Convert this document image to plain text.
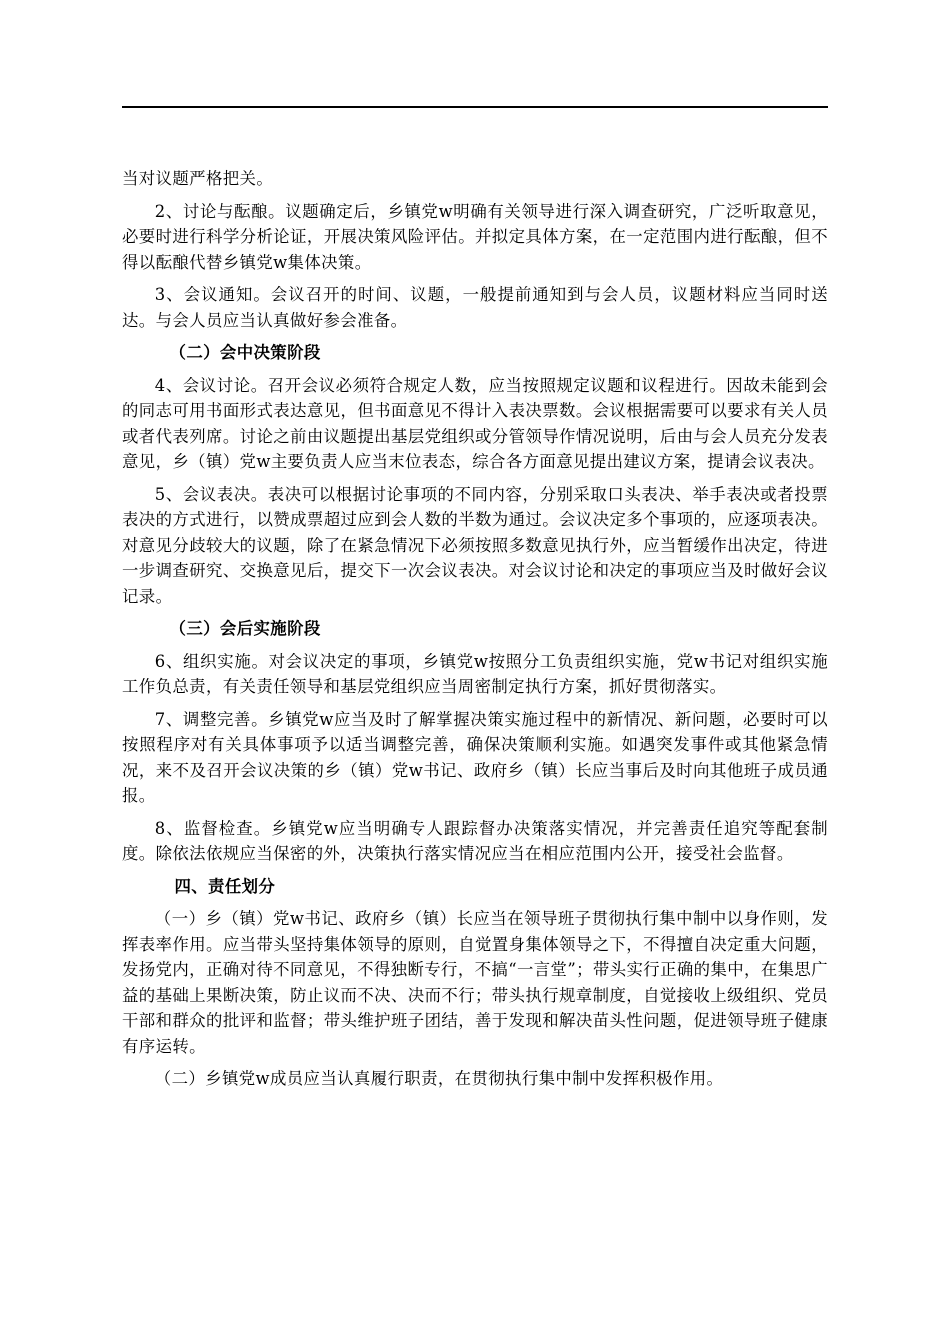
当对议题严格把关。

2、讨论与酝酿。议题确定后，乡镇党w明确有关领导进行深入调查研究，广泛听取意见，必要时进行科学分析论证，开展决策风险评估。并拟定具体方案，在一定范围内进行酝酿，但不得以酝酿代替乡镇党w集体决策。

3、会议通知。会议召开的时间、议题，一般提前通知到与会人员，议题材料应当同时送达。与会人员应当认真做好参会准备。

（二）会中决策阶段

4、会议讨论。召开会议必须符合规定人数，应当按照规定议题和议程进行。因故未能到会的同志可用书面形式表达意见，但书面意见不得计入表决票数。会议根据需要可以要求有关人员或者代表列席。讨论之前由议题提出基层党组织或分管领导作情况说明，后由与会人员充分发表意见，乡（镇）党w主要负责人应当末位表态，综合各方面意见提出建议方案，提请会议表决。

5、会议表决。表决可以根据讨论事项的不同内容，分别采取口头表决、举手表决或者投票表决的方式进行，以赞成票超过应到会人数的半数为通过。会议决定多个事项的，应逐项表决。对意见分歧较大的议题，除了在紧急情况下必须按照多数意见执行外，应当暂缓作出决定，待进一步调查研究、交换意见后，提交下一次会议表决。对会议讨论和决定的事项应当及时做好会议记录。

（三）会后实施阶段

6、组织实施。对会议决定的事项，乡镇党w按照分工负责组织实施，党w书记对组织实施工作负总责，有关责任领导和基层党组织应当周密制定执行方案，抓好贯彻落实。

7、调整完善。乡镇党w应当及时了解掌握决策实施过程中的新情况、新问题，必要时可以按照程序对有关具体事项予以适当调整完善，确保决策顺利实施。如遇突发事件或其他紧急情况，来不及召开会议决策的乡（镇）党w书记、政府乡（镇）长应当事后及时向其他班子成员通报。

8、监督检查。乡镇党w应当明确专人跟踪督办决策落实情况，并完善责任追究等配套制度。除依法依规应当保密的外，决策执行落实情况应当在相应范围内公开，接受社会监督。

四、责任划分

（一）乡（镇）党w书记、政府乡（镇）长应当在领导班子贯彻执行集中制中以身作则，发挥表率作用。应当带头坚持集体领导的原则，自觉置身集体领导之下，不得擅自决定重大问题，发扬党内，正确对待不同意见，不得独断专行，不搞“一言堂”；带头实行正确的集中，在集思广益的基础上果断决策，防止议而不决、决而不行；带头执行规章制度，自觉接收上级组织、党员干部和群众的批评和监督；带头维护班子团结，善于发现和解决苗头性问题，促进领导班子健康有序运转。

（二）乡镇党w成员应当认真履行职责，在贯彻执行集中制中发挥积极作用。
